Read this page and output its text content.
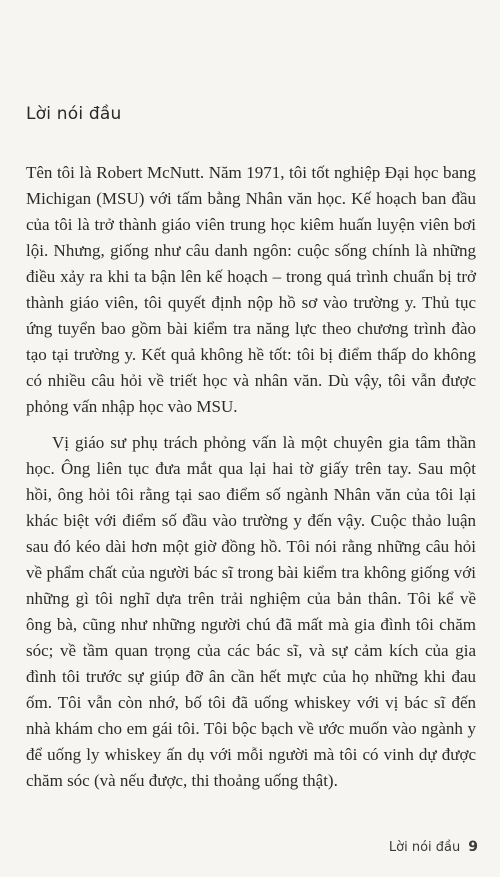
Lời nói đầu

Tên tôi là Robert McNutt. Năm 1971, tôi tốt nghiệp Đại học bang Michigan (MSU) với tấm bằng Nhân văn học. Kế hoạch ban đầu của tôi là trở thành giáo viên trung học kiêm huấn luyện viên bơi lội. Nhưng, giống như câu danh ngôn: cuộc sống chính là những điều xảy ra khi ta bận lên kế hoạch – trong quá trình chuẩn bị trở thành giáo viên, tôi quyết định nộp hồ sơ vào trường y. Thủ tục ứng tuyển bao gồm bài kiểm tra năng lực theo chương trình đào tạo tại trường y. Kết quả không hề tốt: tôi bị điểm thấp do không có nhiều câu hỏi về triết học và nhân văn. Dù vậy, tôi vẫn được phỏng vấn nhập học vào MSU.

Vị giáo sư phụ trách phỏng vấn là một chuyên gia tâm thần học. Ông liên tục đưa mắt qua lại hai tờ giấy trên tay. Sau một hồi, ông hỏi tôi rằng tại sao điểm số ngành Nhân văn của tôi lại khác biệt với điểm số đầu vào trường y đến vậy. Cuộc thảo luận sau đó kéo dài hơn một giờ đồng hồ. Tôi nói rằng những câu hỏi về phẩm chất của người bác sĩ trong bài kiểm tra không giống với những gì tôi nghĩ dựa trên trải nghiệm của bản thân. Tôi kể về ông bà, cũng như những người chú đã mất mà gia đình tôi chăm sóc; về tầm quan trọng của các bác sĩ, và sự cảm kích của gia đình tôi trước sự giúp đỡ ân cần hết mực của họ những khi đau ốm. Tôi vẫn còn nhớ, bố tôi đã uống whiskey với vị bác sĩ đến nhà khám cho em gái tôi. Tôi bộc bạch về ước muốn vào ngành y để uống ly whiskey ấn dụ với mỗi người mà tôi có vinh dự được chăm sóc (và nếu được, thi thoảng uống thật).

Lời nói đầu 9
